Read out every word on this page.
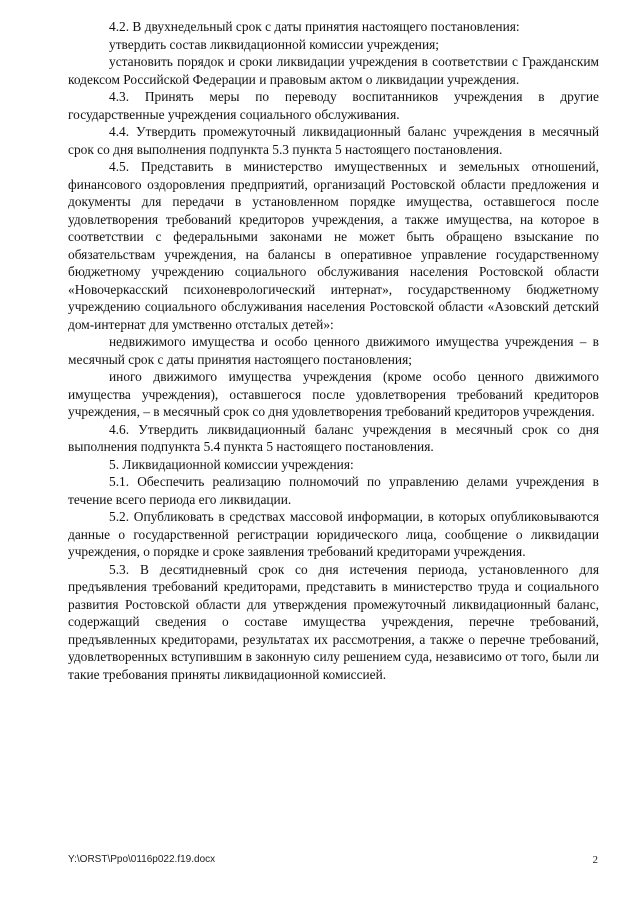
4.2. В двухнедельный срок с даты принятия настоящего постановления:

утвердить состав ликвидационной комиссии учреждения;

установить порядок и сроки ликвидации учреждения в соответствии с Гражданским кодексом Российской Федерации и правовым актом о ликвидации учреждения.

4.3. Принять меры по переводу воспитанников учреждения в другие государственные учреждения социального обслуживания.

4.4. Утвердить промежуточный ликвидационный баланс учреждения в месячный срок со дня выполнения подпункта 5.3 пункта 5 настоящего постановления.

4.5. Представить в министерство имущественных и земельных отношений, финансового оздоровления предприятий, организаций Ростовской области предложения и документы для передачи в установленном порядке имущества, оставшегося после удовлетворения требований кредиторов учреждения, а также имущества, на которое в соответствии с федеральными законами не может быть обращено взыскание по обязательствам учреждения, на балансы в оперативное управление государственному бюджетному учреждению социального обслуживания населения Ростовской области «Новочеркасский психоневрологический интернат», государственному бюджетному учреждению социального обслуживания населения Ростовской области «Азовский детский дом-интернат для умственно отсталых детей»:

недвижимого имущества и особо ценного движимого имущества учреждения – в месячный срок с даты принятия настоящего постановления;

иного движимого имущества учреждения (кроме особо ценного движимого имущества учреждения), оставшегося после удовлетворения требований кредиторов учреждения, – в месячный срок со дня удовлетворения требований кредиторов учреждения.

4.6. Утвердить ликвидационный баланс учреждения в месячный срок со дня выполнения подпункта 5.4 пункта 5 настоящего постановления.

5. Ликвидационной комиссии учреждения:

5.1. Обеспечить реализацию полномочий по управлению делами учреждения в течение всего периода его ликвидации.

5.2. Опубликовать в средствах массовой информации, в которых опубликовываются данные о государственной регистрации юридического лица, сообщение о ликвидации учреждения, о порядке и сроке заявления требований кредиторами учреждения.

5.3. В десятидневный срок со дня истечения периода, установленного для предъявления требований кредиторами, представить в министерство труда и социального развития Ростовской области для утверждения промежуточный ликвидационный баланс, содержащий сведения о составе имущества учреждения, перечне требований, предъявленных кредиторами, результатах их рассмотрения, а также о перечне требований, удовлетворенных вступившим в законную силу решением суда, независимо от того, были ли такие требования приняты ликвидационной комиссией.

Y:\ORST\Ppo\0116p022.f19.docx	2
